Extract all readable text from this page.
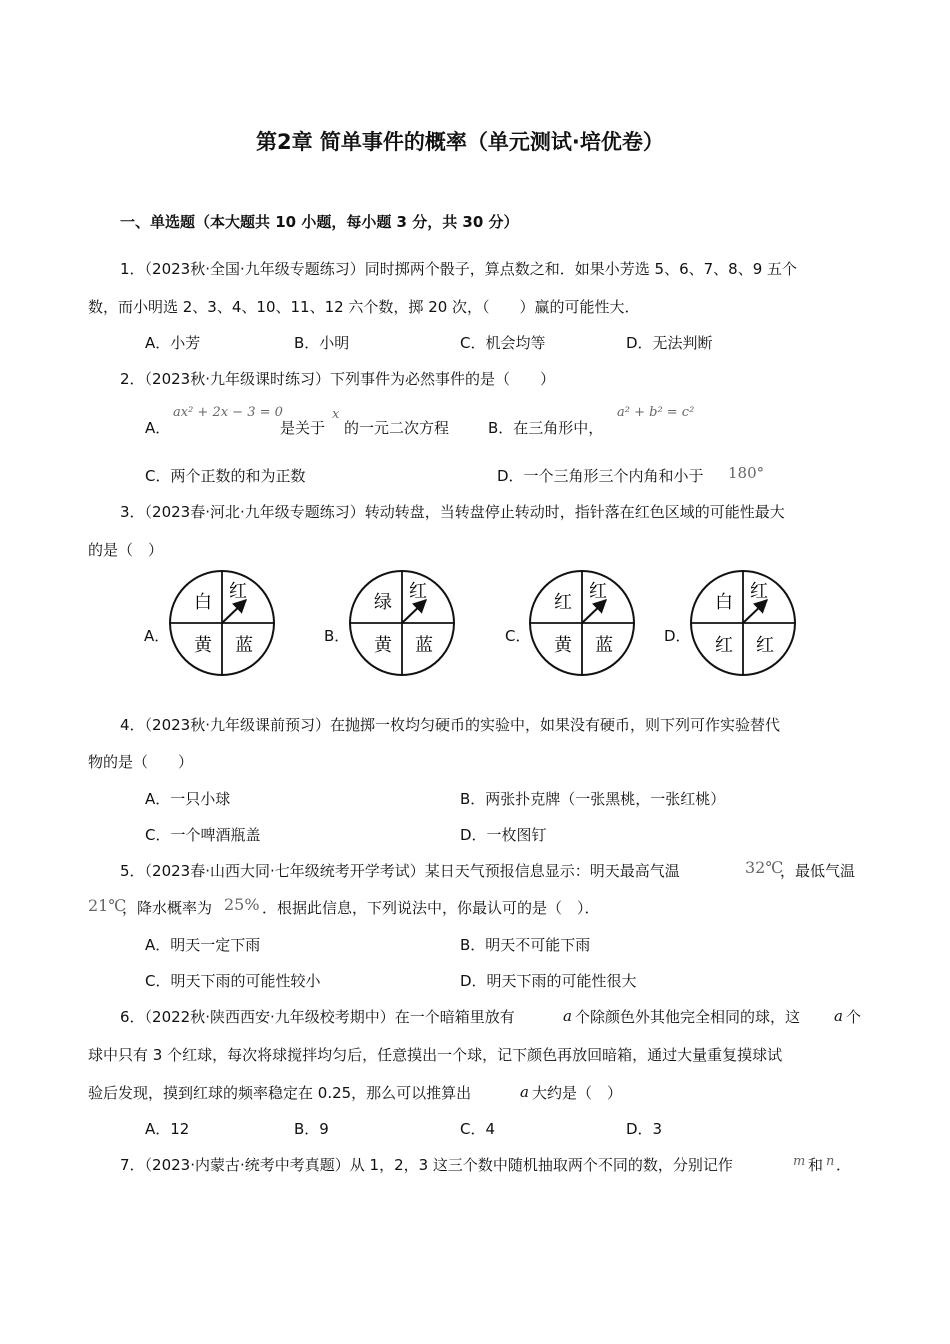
第2章 简单事件的概率（单元测试·培优卷）
一、单选题（本大题共 10 小题，每小题 3 分，共 30 分）
1．（2023秋·全国·九年级专题练习）同时掷两个骰子，算点数之和．如果小芳选 5、6、7、8、9 五个
数，而小明选 2、3、4、10、11、12 六个数，掷 20 次，（　　）赢的可能性大．
A．小芳	B．小明	C．机会均等	D．无法判断
2．（2023秋·九年级课时练习）下列事件为必然事件的是（　　）
A．
ax² + 2x − 3 = 0
是关于
x
的一元二次方程	B．在三角形中，
a² + b² = c²
C．两个正数的和为正数	D．一个三角形三个内角和小于 180°
3．（2023春·河北·九年级专题练习）转动转盘，当转盘停止转动时，指针落在红色区域的可能性最大
的是（　）
A．	B．	C．	D．
白
红
黄 蓝
绿
红
黄 蓝
红
红
黄 蓝
白
红
红 红
4．（2023秋·九年级课前预习）在抛掷一枚均匀硬币的实验中，如果没有硬币，则下列可作实验替代
物的是（　　）
A．一只小球	B．两张扑克牌（一张黑桃，一张红桃）
C．一个啤酒瓶盖	D．一枚图钉
5．（2023春·山西大同·七年级统考开学考试）某日天气预报信息显示：明天最高气温	32℃
，最低气温
21℃
，降水概率为 25% ．根据此信息，下列说法中，你最认可的是（　）．
A．明天一定下雨	B．明天不可能下雨
C．明天下雨的可能性较小	D．明天下雨的可能性很大
6．（2022秋·陕西西安·九年级校考期中）在一个暗箱里放有	a 个除颜色外其他完全相同的球，这 a 个
球中只有 3 个红球，每次将球搅拌均匀后，任意摸出一个球，记下颜色再放回暗箱，通过大量重复摸球试
验后发现，摸到红球的频率稳定在 0.25，那么可以推算出	a 大约是（　）
A．12	B．9	C．4	D．3
7．（2023·内蒙古·统考中考真题）从 1，2，3 这三个数中随机抽取两个不同的数，分别记作	m 和 n ．
